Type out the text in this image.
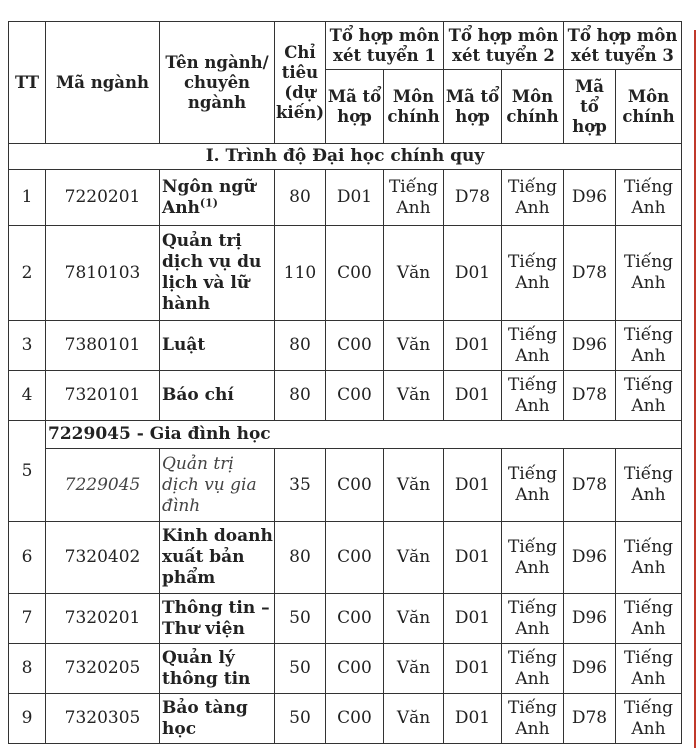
TT	Mã ngành	Tên ngành/ chuyên ngành	Chỉ tiêu (dự kiến)	Tổ hợp môn xét tuyển 1		Tổ hợp môn xét tuyển 2		Tổ hợp môn xét tuyển 3	
				Mã tổ hợp	Môn chính	Mã tổ hợp	Môn chính	Mã tổ hợp	Môn chính
I. Trình độ Đại học chính quy									
1	7220201	Ngôn ngữ Anh$^{(1)}$	80	D01	Tiếng Anh	D78	Tiếng Anh	D96	Tiếng Anh
2	7810103	Quản trị dịch vụ du lịch và lữ hành	110	C00	Văn	D01	Tiếng Anh	D78	Tiếng Anh
3	7380101	Luật	80	C00	Văn	D01	Tiếng Anh	D96	Tiếng Anh
4	7320101	Báo chí	80	C00	Văn	D01	Tiếng Anh	D78	Tiếng Anh
5	7229045 - Gia đình học								
	7229045	Quản trị dịch vụ gia đình	35	C00	Văn	D01	Tiếng Anh	D78	Tiếng Anh
6	7320402	Kinh doanh xuất bản phẩm	80	C00	Văn	D01	Tiếng Anh	D96	Tiếng Anh
7	7320201	Thông tin – Thư viện	50	C00	Văn	D01	Tiếng Anh	D96	Tiếng Anh
8	7320205	Quản lý thông tin	50	C00	Văn	D01	Tiếng Anh	D96	Tiếng Anh
9	7320305	Bảo tàng học	50	C00	Văn	D01	Tiếng Anh	D78	Tiếng Anh
